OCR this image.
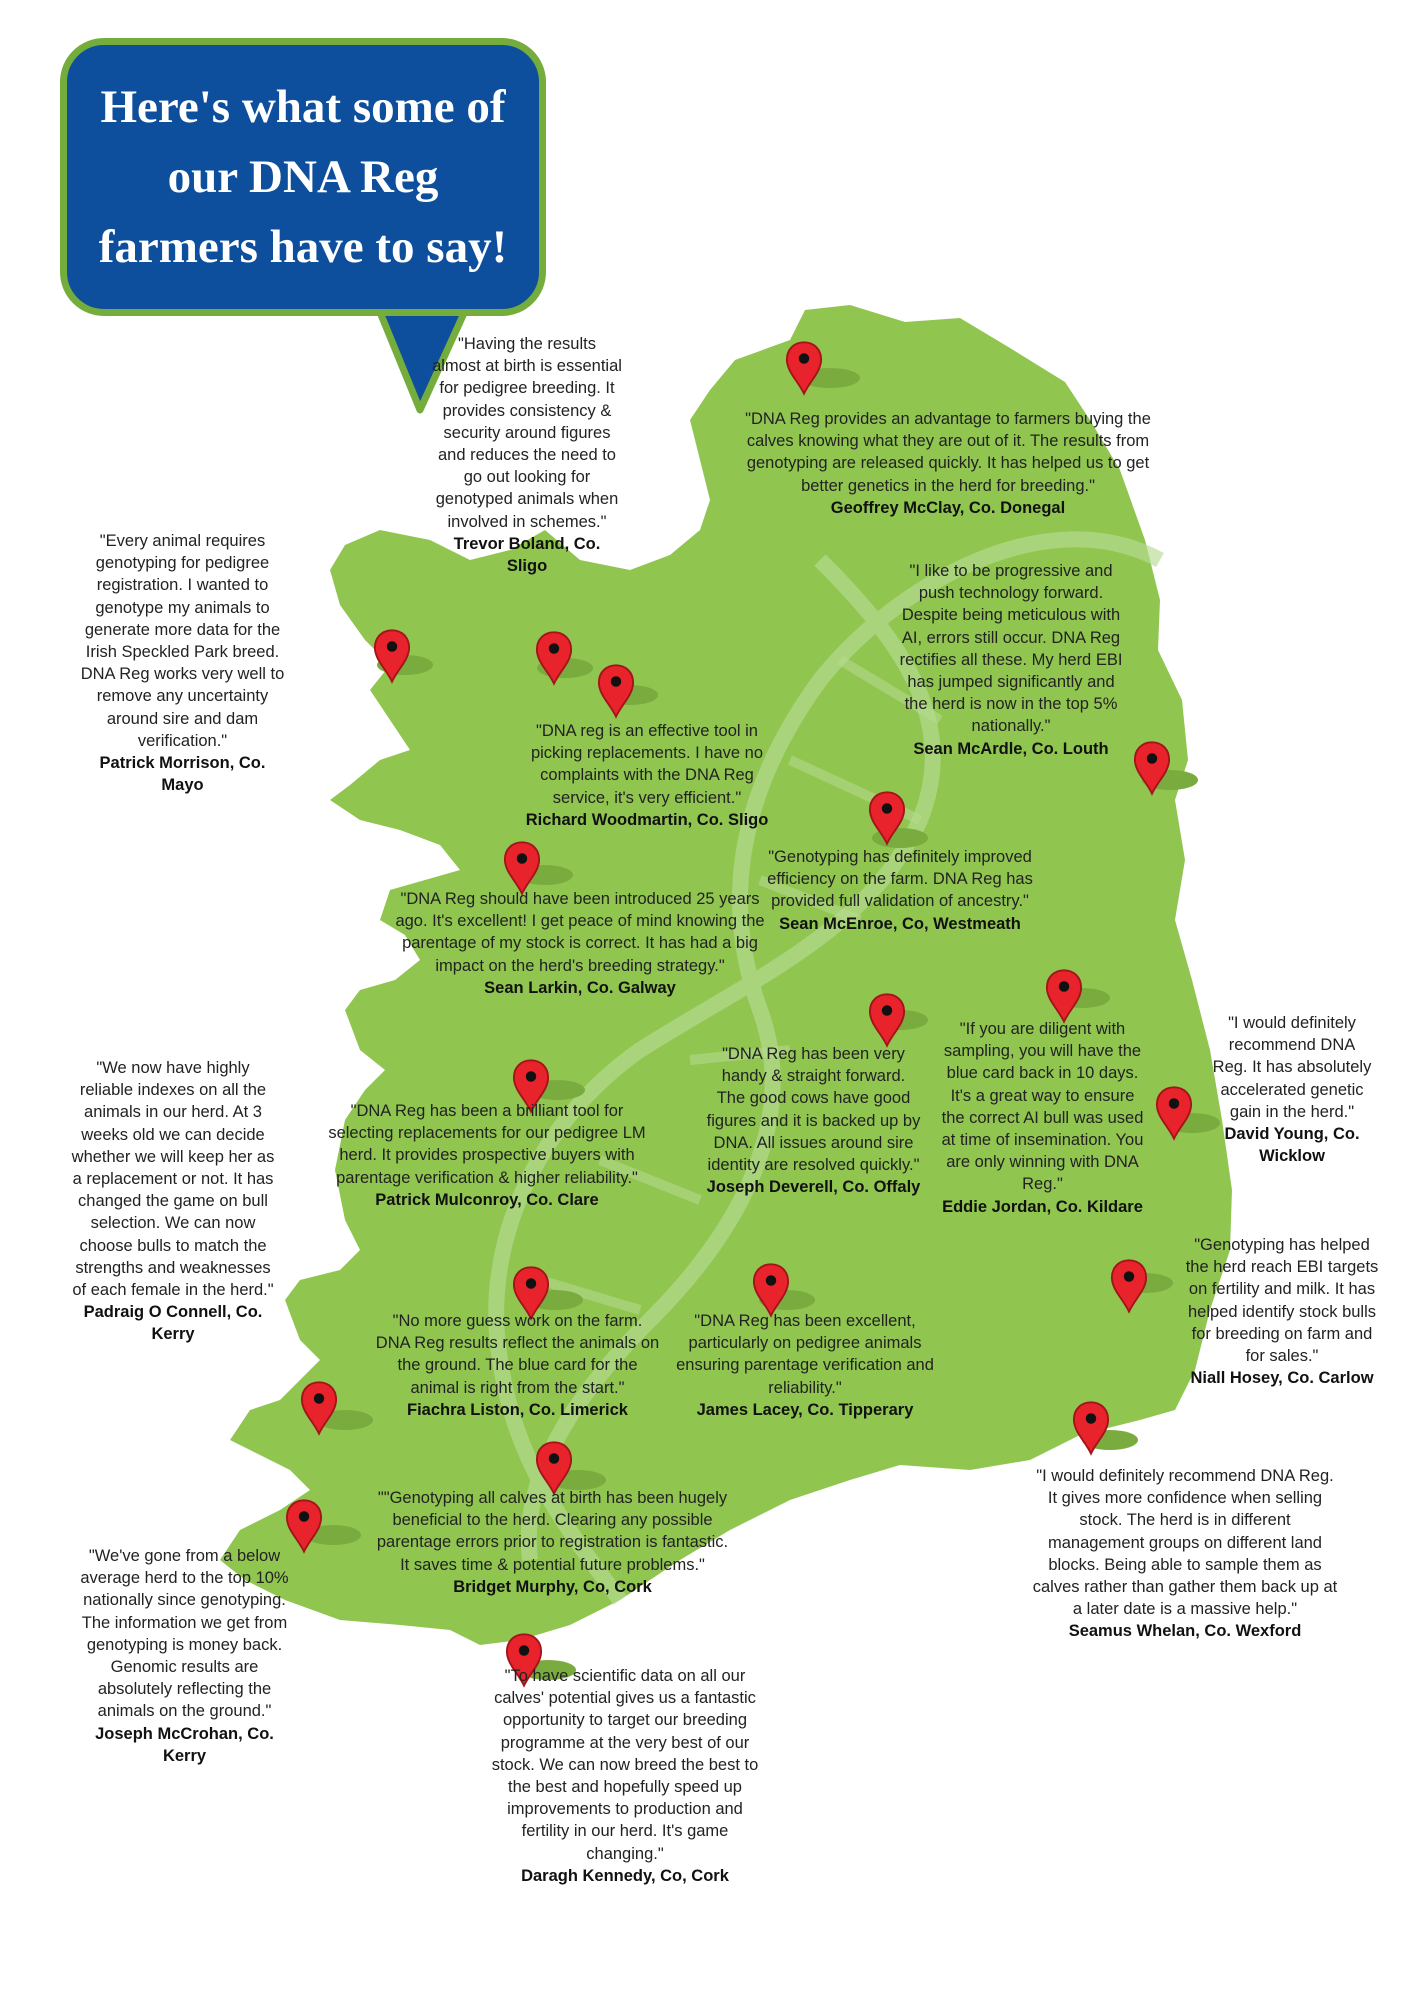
Here's what some of our DNA Reg farmers have to say!
"Having the results almost at birth is essential for pedigree breeding. It provides consistency & security around figures and reduces the need to go out looking for genotyped animals when involved in schemes."
Trevor Boland, Co. Sligo
"DNA Reg provides an advantage to farmers buying the calves knowing what they are out of it. The results from genotyping are released quickly. It has helped us to get better genetics in the herd for breeding."
Geoffrey McClay, Co. Donegal
"Every animal requires genotyping for pedigree registration. I wanted to genotype my animals to generate more data for the Irish Speckled Park breed. DNA Reg works very well to remove any uncertainty around sire and dam verification."
Patrick Morrison, Co. Mayo
"I like to be progressive and push technology forward. Despite being meticulous with AI, errors still occur. DNA Reg rectifies all these. My herd EBI has jumped significantly and the herd is now in the top 5% nationally."
Sean McArdle, Co. Louth
"DNA reg is an effective tool in picking replacements. I have no complaints with the DNA Reg service, it's very efficient."
Richard Woodmartin, Co. Sligo
"Genotyping has definitely improved efficiency on the farm. DNA Reg has provided full validation of ancestry."
Sean McEnroe, Co, Westmeath
"DNA Reg should have been introduced 25 years ago. It's excellent! I get peace of mind knowing the parentage of my stock is correct. It has had a big impact on the herd's breeding strategy."
Sean Larkin, Co. Galway
"I would definitely recommend DNA Reg. It has absolutely accelerated genetic gain in the herd."
David Young, Co. Wicklow
"We now have highly reliable indexes on all the animals in our herd. At 3 weeks old we can decide whether we will keep her as a replacement or not. It has changed the game on bull selection. We can now choose bulls to match the strengths and weaknesses of each female in the herd."
Padraig O Connell, Co. Kerry
"DNA Reg has been very handy & straight forward. The good cows have good figures and it is backed up by DNA. All issues around sire identity are resolved quickly."
Joseph Deverell, Co. Offaly
"If you are diligent with sampling, you will have the blue card back in 10 days. It's a great way to ensure the correct AI bull was used at time of insemination. You are only winning with DNA Reg."
Eddie Jordan, Co. Kildare
"DNA Reg has been a brilliant tool for selecting replacements for our pedigree LM herd. It provides prospective buyers with parentage verification & higher reliability."
Patrick Mulconroy, Co. Clare
"Genotyping has helped the herd reach EBI targets on fertility and milk. It has helped identify stock bulls for breeding on farm and for sales."
Niall Hosey, Co. Carlow
"No more guess work on the farm. DNA Reg results reflect the animals on the ground. The blue card for the animal is right from the start."
Fiachra Liston, Co. Limerick
"DNA Reg has been excellent, particularly on pedigree animals ensuring parentage verification and reliability."
James Lacey, Co. Tipperary
""Genotyping all calves at birth has been hugely beneficial to the herd. Clearing any possible parentage errors prior to registration is fantastic. It saves time & potential future problems."
Bridget Murphy, Co, Cork
"I would definitely recommend DNA Reg. It gives more confidence when selling stock. The herd is in different management groups on different land blocks. Being able to sample them as calves rather than gather them back up at a later date is a massive help."
Seamus Whelan, Co. Wexford
"We've gone from a below average herd to the top 10% nationally since genotyping. The information we get from genotyping is money back. Genomic results are absolutely reflecting the animals on the ground."
Joseph McCrohan, Co. Kerry
"To have scientific data on all our calves' potential gives us a fantastic opportunity to target our breeding programme at the very best of our stock. We can now breed the best to the best and hopefully speed up improvements to production and fertility in our herd. It's game changing."
Daragh Kennedy, Co, Cork
